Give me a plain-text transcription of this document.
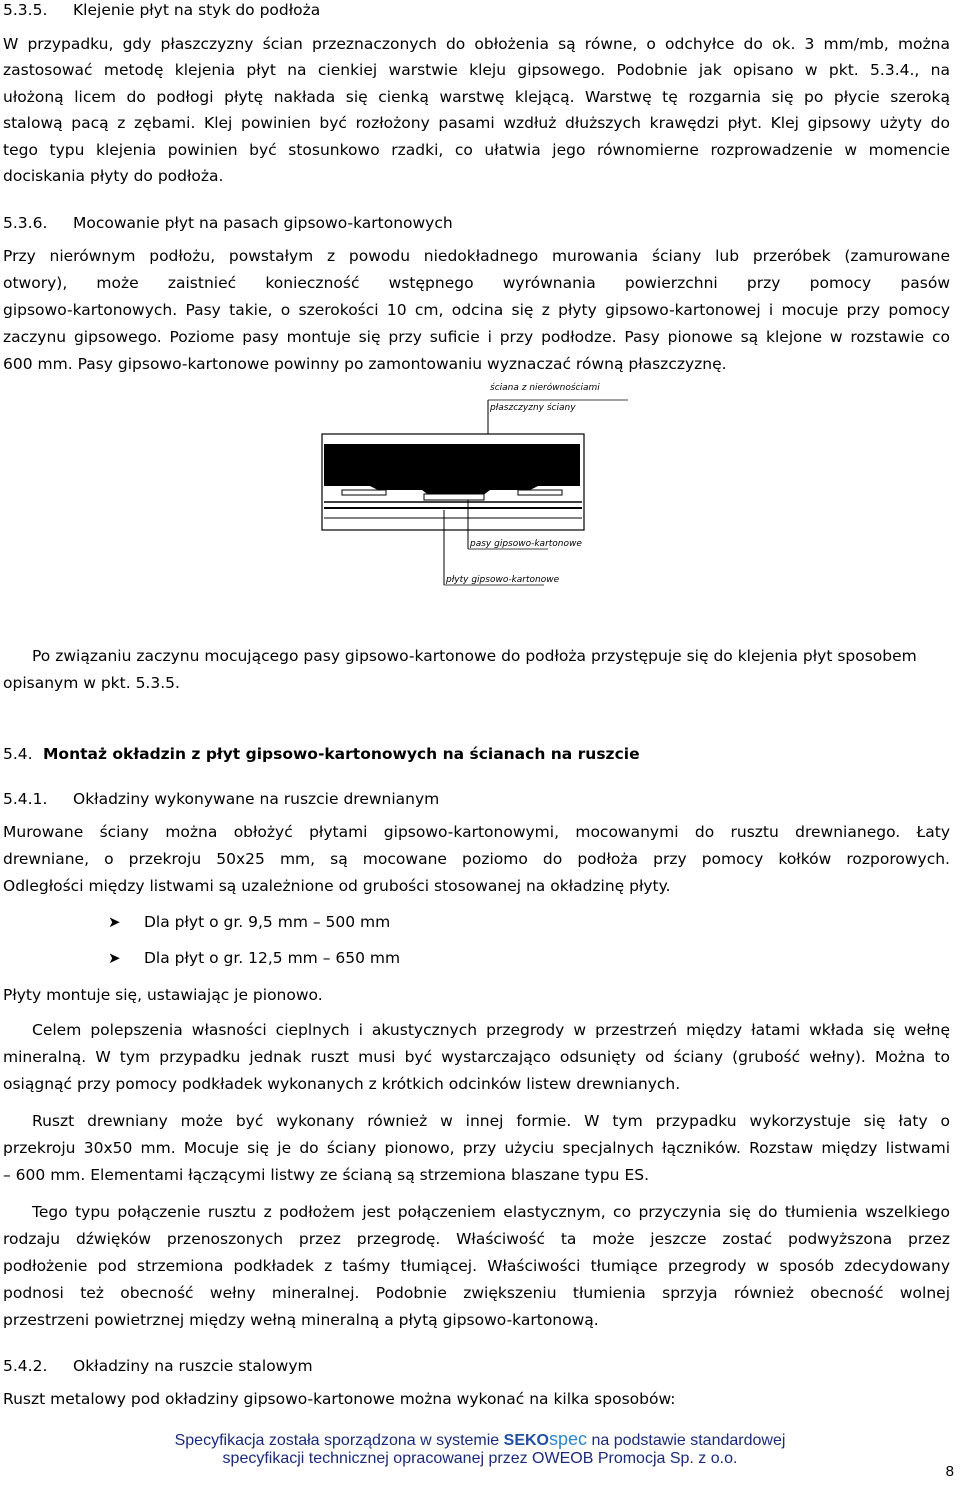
5.3.5. Klejenie płyt na styk do podłoża
W przypadku, gdy płaszczyzny ścian przeznaczonych do obłożenia są równe, o odchyłce do ok. 3 mm/mb, można
zastosować metodę klejenia płyt na cienkiej warstwie kleju gipsowego. Podobnie jak opisano w pkt. 5.3.4., na
ułożoną licem do podłogi płytę nakłada się cienką warstwę klejącą. Warstwę tę rozgarnia się po płycie szeroką
stalową pacą z zębami. Klej powinien być rozłożony pasami wzdłuż dłuższych krawędzi płyt. Klej gipsowy użyty do
tego typu klejenia powinien być stosunkowo rzadki, co ułatwia jego równomierne rozprowadzenie w momencie
dociskania płyty do podłoża.
5.3.6. Mocowanie płyt na pasach gipsowo-kartonowych
Przy nierównym podłożu, powstałym z powodu niedokładnego murowania ściany lub przeróbek (zamurowane
otwory), może zaistnieć konieczność wstępnego wyrównania powierzchni przy pomocy pasów
gipsowo-kartonowych. Pasy takie, o szerokości 10 cm, odcina się z płyty gipsowo-kartonowej i mocuje przy pomocy
zaczynu gipsowego. Poziome pasy montuje się przy suficie i przy podłodze. Pasy pionowe są klejone w rozstawie co
600 mm. Pasy gipsowo-kartonowe powinny po zamontowaniu wyznaczać równą płaszczyznę.
ściana z nierównościami
płaszczyzny ściany
pasy gipsowo-kartonowe
płyty gipsowo-kartonowe
Po związaniu zaczynu mocującego pasy gipsowo-kartonowe do podłoża przystępuje się do klejenia płyt sposobem
opisanym w pkt. 5.3.5.
5.4. Montaż okładzin z płyt gipsowo-kartonowych na ścianach na ruszcie
5.4.1. Okładziny wykonywane na ruszcie drewnianym
Murowane ściany można obłożyć płytami gipsowo-kartonowymi, mocowanymi do rusztu drewnianego. Łaty
drewniane, o przekroju 50x25 mm, są mocowane poziomo do podłoża przy pomocy kołków rozporowych.
Odległości między listwami są uzależnione od grubości stosowanej na okładzinę płyty.
➤ Dla płyt o gr. 9,5 mm – 500 mm
➤ Dla płyt o gr. 12,5 mm – 650 mm
Płyty montuje się, ustawiając je pionowo.
Celem polepszenia własności cieplnych i akustycznych przegrody w przestrzeń między łatami wkłada się wełnę
mineralną. W tym przypadku jednak ruszt musi być wystarczająco odsunięty od ściany (grubość wełny). Można to
osiągnąć przy pomocy podkładek wykonanych z krótkich odcinków listew drewnianych.
Ruszt drewniany może być wykonany również w innej formie. W tym przypadku wykorzystuje się łaty o
przekroju 30x50 mm. Mocuje się je do ściany pionowo, przy użyciu specjalnych łączników. Rozstaw między listwami
– 600 mm. Elementami łączącymi listwy ze ścianą są strzemiona blaszane typu ES.
Tego typu połączenie rusztu z podłożem jest połączeniem elastycznym, co przyczynia się do tłumienia wszelkiego
rodzaju dźwięków przenoszonych przez przegrodę. Właściwość ta może jeszcze zostać podwyższona przez
podłożenie pod strzemiona podkładek z taśmy tłumiącej. Właściwości tłumiące przegrody w sposób zdecydowany
podnosi też obecność wełny mineralnej. Podobnie zwiększeniu tłumienia sprzyja również obecność wolnej
przestrzeni powietrznej między wełną mineralną a płytą gipsowo-kartonową.
5.4.2. Okładziny na ruszcie stalowym
Ruszt metalowy pod okładziny gipsowo-kartonowe można wykonać na kilka sposobów:
Specyfikacja została sporządzona w systemie SEKOspec na podstawie standardowej
specyfikacji technicznej opracowanej przez OWEOB Promocja Sp. z o.o.
8
